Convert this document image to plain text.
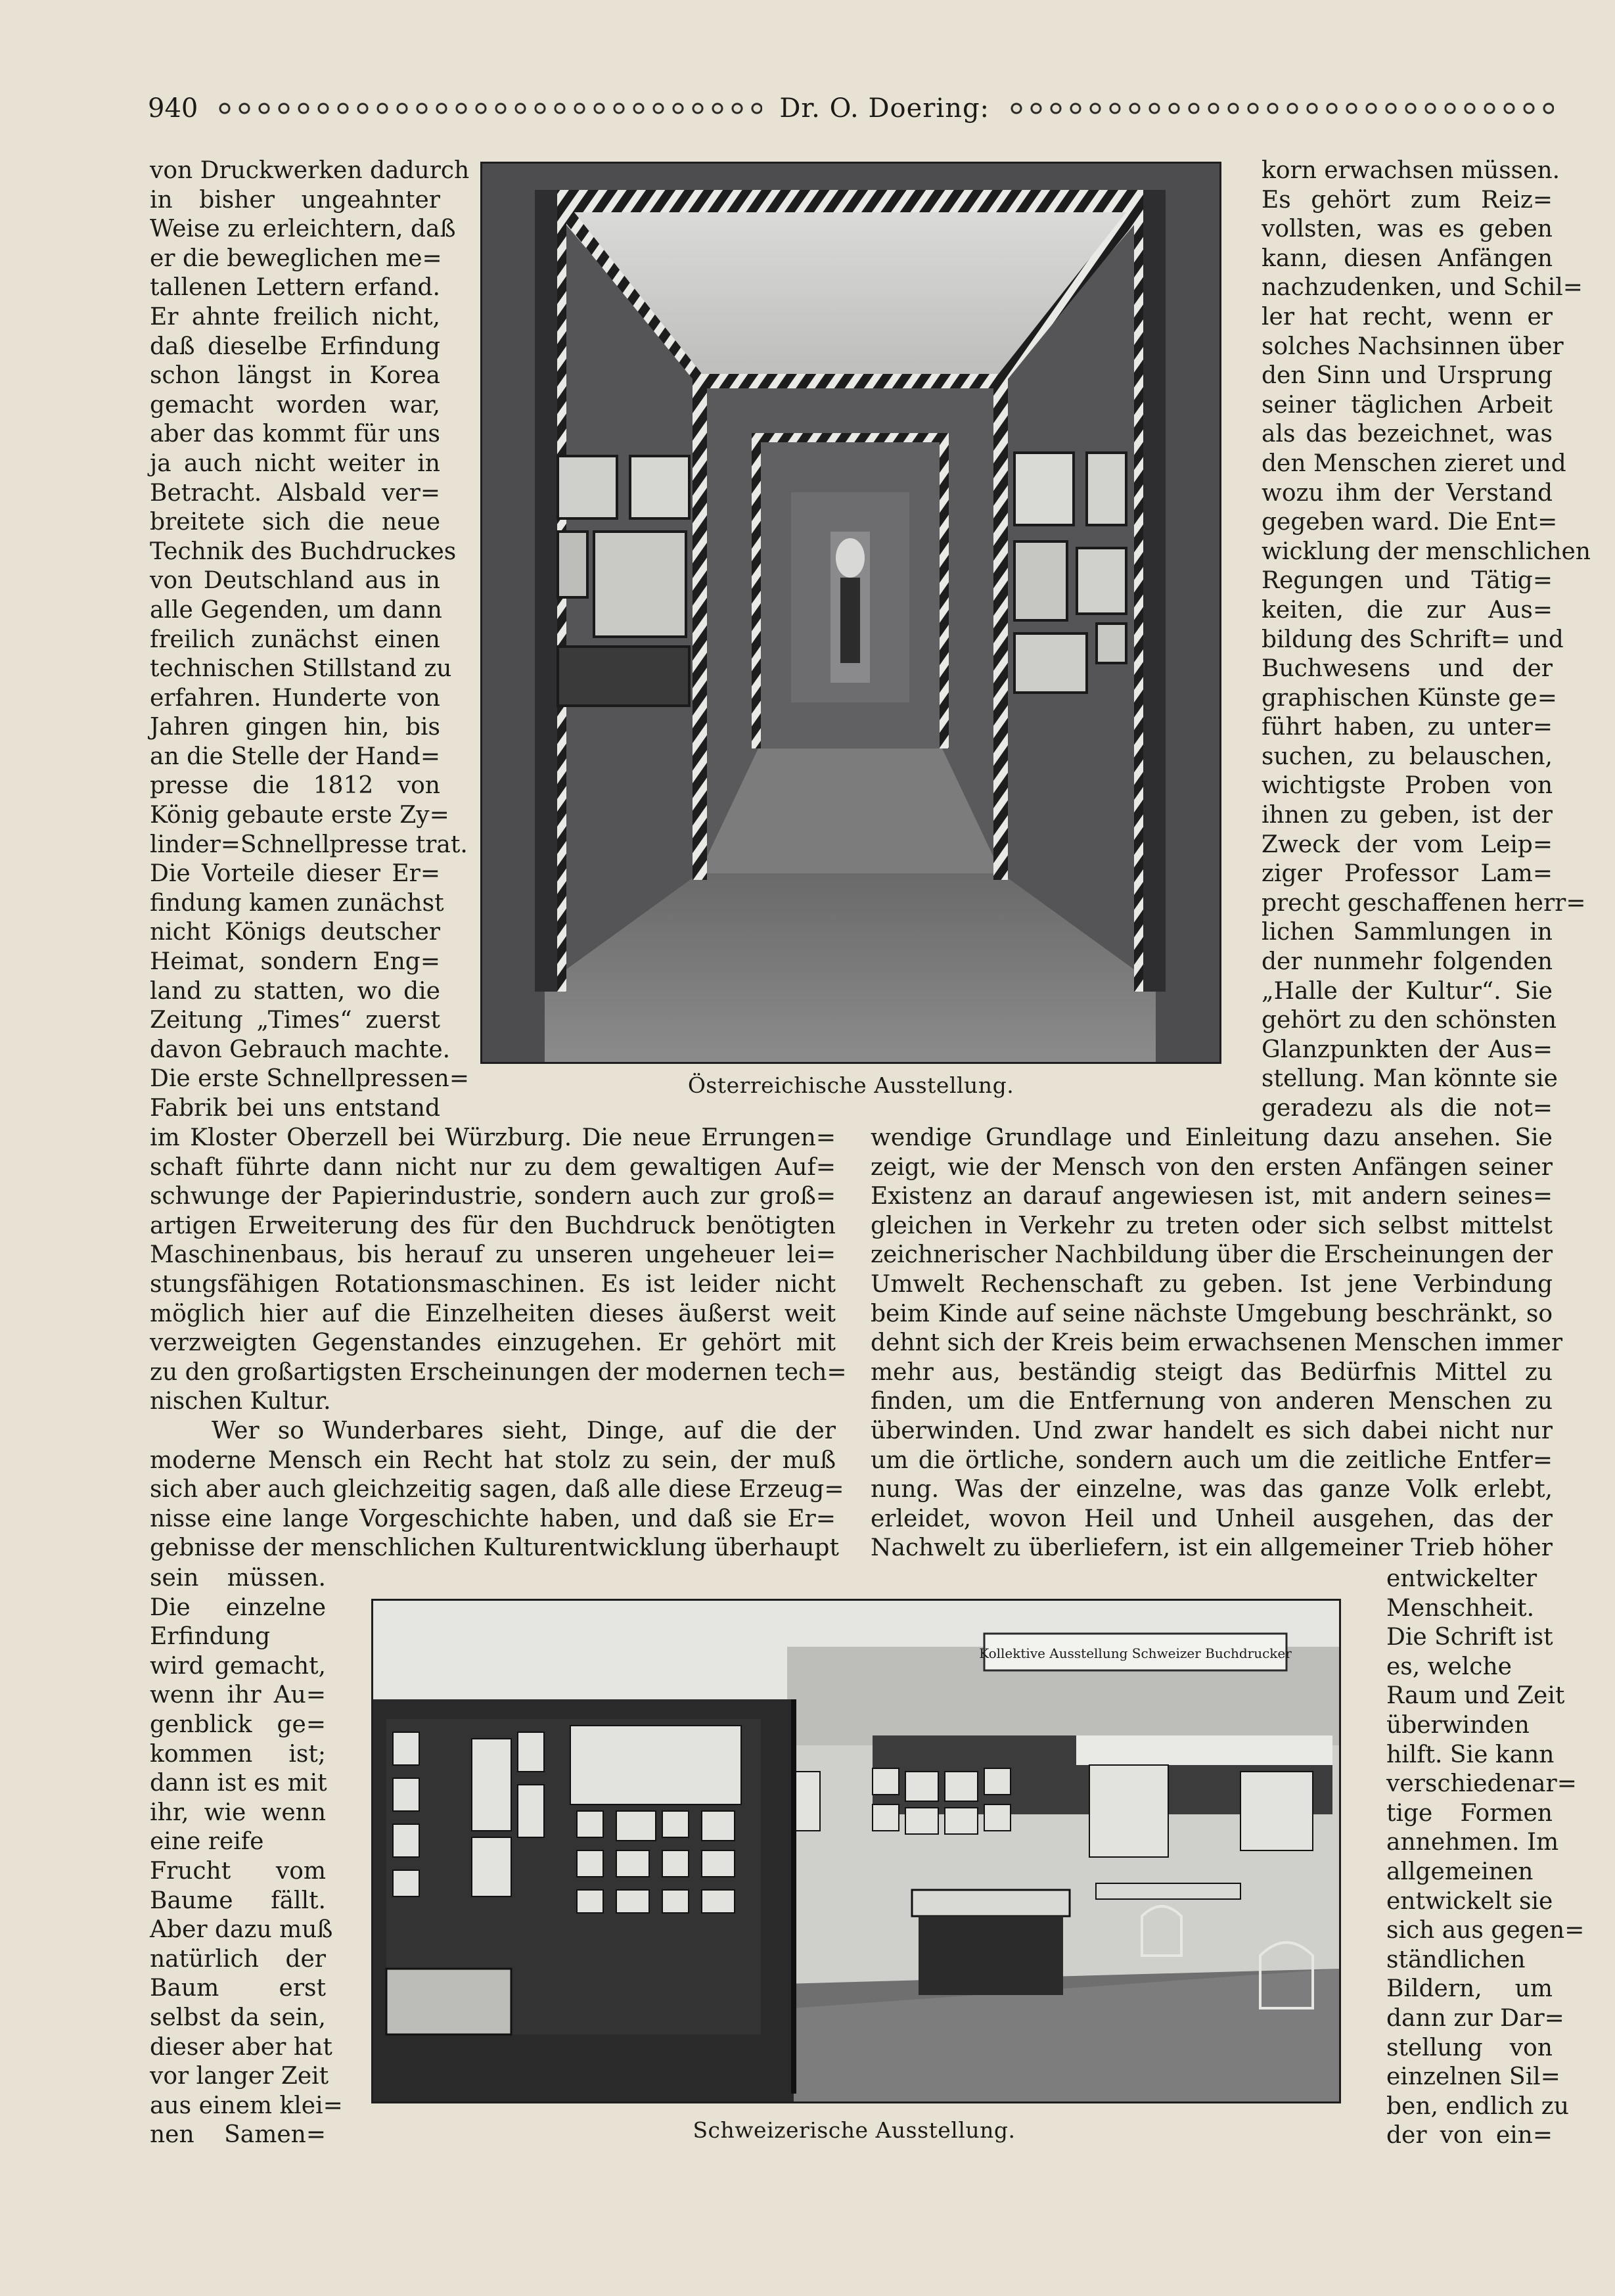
940	Dr. O. Doering:
Österreichische Ausstellung.
Kollektive Ausstellung Schweizer Buchdrucker
Schweizerische Ausstellung.
von Druckwerken dadurch
in bisher ungeahnter
Weise zu erleichtern, daß
er die beweglichen me=
tallenen Lettern erfand.
Er ahnte freilich nicht,
daß dieselbe Erfindung
schon längst in Korea
gemacht worden war,
aber das kommt für uns
ja auch nicht weiter in
Betracht. Alsbald ver=
breitete sich die neue
Technik des Buchdruckes
von Deutschland aus in
alle Gegenden, um dann
freilich zunächst einen
technischen Stillstand zu
erfahren. Hunderte von
Jahren gingen hin, bis
an die Stelle der Hand=
presse die 1812 von
König gebaute erste Zy=
linder=Schnellpresse trat.
Die Vorteile dieser Er=
findung kamen zunächst
nicht Königs deutscher
Heimat, sondern Eng=
land zu statten, wo die
Zeitung „Times“ zuerst
davon Gebrauch machte.
Die erste Schnellpressen=
Fabrik bei uns entstand
korn erwachsen müssen.
Es gehört zum Reiz=
vollsten, was es geben
kann, diesen Anfängen
nachzudenken, und Schil=
ler hat recht, wenn er
solches Nachsinnen über
den Sinn und Ursprung
seiner täglichen Arbeit
als das bezeichnet, was
den Menschen zieret und
wozu ihm der Verstand
gegeben ward. Die Ent=
wicklung der menschlichen
Regungen und Tätig=
keiten, die zur Aus=
bildung des Schrift= und
Buchwesens und der
graphischen Künste ge=
führt haben, zu unter=
suchen, zu belauschen,
wichtigste Proben von
ihnen zu geben, ist der
Zweck der vom Leip=
ziger Professor Lam=
precht geschaffenen herr=
lichen Sammlungen in
der nunmehr folgenden
„Halle der Kultur“. Sie
gehört zu den schönsten
Glanzpunkten der Aus=
stellung. Man könnte sie
geradezu als die not=
im Kloster Oberzell bei Würzburg. Die neue Errungen=
schaft führte dann nicht nur zu dem gewaltigen Auf=
schwunge der Papierindustrie, sondern auch zur groß=
artigen Erweiterung des für den Buchdruck benötigten
Maschinenbaus, bis herauf zu unseren ungeheuer lei=
stungsfähigen Rotationsmaschinen. Es ist leider nicht
möglich hier auf die Einzelheiten dieses äußerst weit
verzweigten Gegenstandes einzugehen. Er gehört mit
zu den großartigsten Erscheinungen der modernen tech=
nischen Kultur.
Wer so Wunderbares sieht, Dinge, auf die der
moderne Mensch ein Recht hat stolz zu sein, der muß
sich aber auch gleichzeitig sagen, daß alle diese Erzeug=
nisse eine lange Vorgeschichte haben, und daß sie Er=
gebnisse der menschlichen Kulturentwicklung überhaupt
wendige Grundlage und Einleitung dazu ansehen. Sie
zeigt, wie der Mensch von den ersten Anfängen seiner
Existenz an darauf angewiesen ist, mit andern seines=
gleichen in Verkehr zu treten oder sich selbst mittelst
zeichnerischer Nachbildung über die Erscheinungen der
Umwelt Rechenschaft zu geben. Ist jene Verbindung
beim Kinde auf seine nächste Umgebung beschränkt, so
dehnt sich der Kreis beim erwachsenen Menschen immer
mehr aus, beständig steigt das Bedürfnis Mittel zu
finden, um die Entfernung von anderen Menschen zu
überwinden. Und zwar handelt es sich dabei nicht nur
um die örtliche, sondern auch um die zeitliche Entfer=
nung. Was der einzelne, was das ganze Volk erlebt,
erleidet, wovon Heil und Unheil ausgehen, das der
Nachwelt zu überliefern, ist ein allgemeiner Trieb höher
sein müssen.
Die einzelne
Erfindung
wird gemacht,
wenn ihr Au=
genblick ge=
kommen ist;
dann ist es mit
ihr, wie wenn
eine reife
Frucht vom
Baume fällt.
Aber dazu muß
natürlich der
Baum erst
selbst da sein,
dieser aber hat
vor langer Zeit
aus einem klei=
nen Samen=
entwickelter
Menschheit.
Die Schrift ist
es, welche
Raum und Zeit
überwinden
hilft. Sie kann
verschiedenar=
tige Formen
annehmen. Im
allgemeinen
entwickelt sie
sich aus gegen=
ständlichen
Bildern, um
dann zur Dar=
stellung von
einzelnen Sil=
ben, endlich zu
der von ein=
